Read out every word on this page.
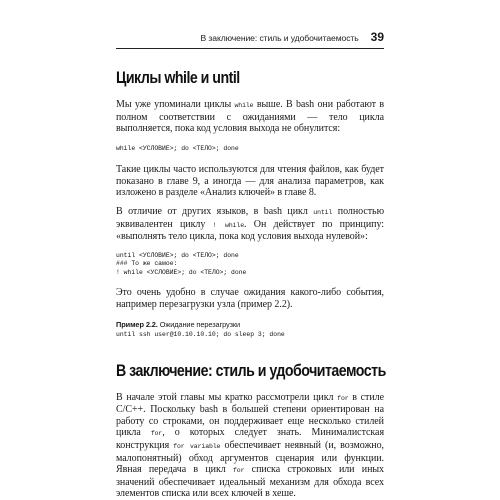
В заключение: стиль и удобочитаемость 39
Циклы while и until

Мы уже упоминали циклы while выше. В bash они работают в полном соответствии с ожиданиями — тело цикла выполняется, пока код условия выхода не обнулится:

while <УСЛОВИЕ>; do <ТЕЛО>; done

Такие циклы часто используются для чтения файлов, как будет показано в главе 9, а иногда — для анализа параметров, как изложено в разделе «Анализ ключей» в главе 8.

В отличие от других языков, в bash цикл until полностью эквивалентен циклу ! while. Он действует по принципу: «выполнять тело цикла, пока код условия выхода нулевой»:

until <УСЛОВИЕ>; do <ТЕЛО>; done
### То же самое:
! while <УСЛОВИЕ>; do <ТЕЛО>; done

Это очень удобно в случае ожидания какого-либо события, например перезагрузки узла (пример 2.2).

Пример 2.2. Ожидание перезагрузки

until ssh user@10.10.10.10; do sleep 3; done
В заключение: стиль и удобочитаемость

В начале этой главы мы кратко рассмотрели цикл for в стиле C/C++. Поскольку bash в большей степени ориентирован на работу со строками, он поддерживает еще несколько стилей цикла for, о которых следует знать. Минималистская конструкция for variable обеспечивает неявный (и, возможно, малопонятный) обход аргументов сценария или функции. Явная передача в цикл for списка строковых или иных значений обеспечивает идеальный механизм для обхода всех элементов списка или всех ключей в хеше.
